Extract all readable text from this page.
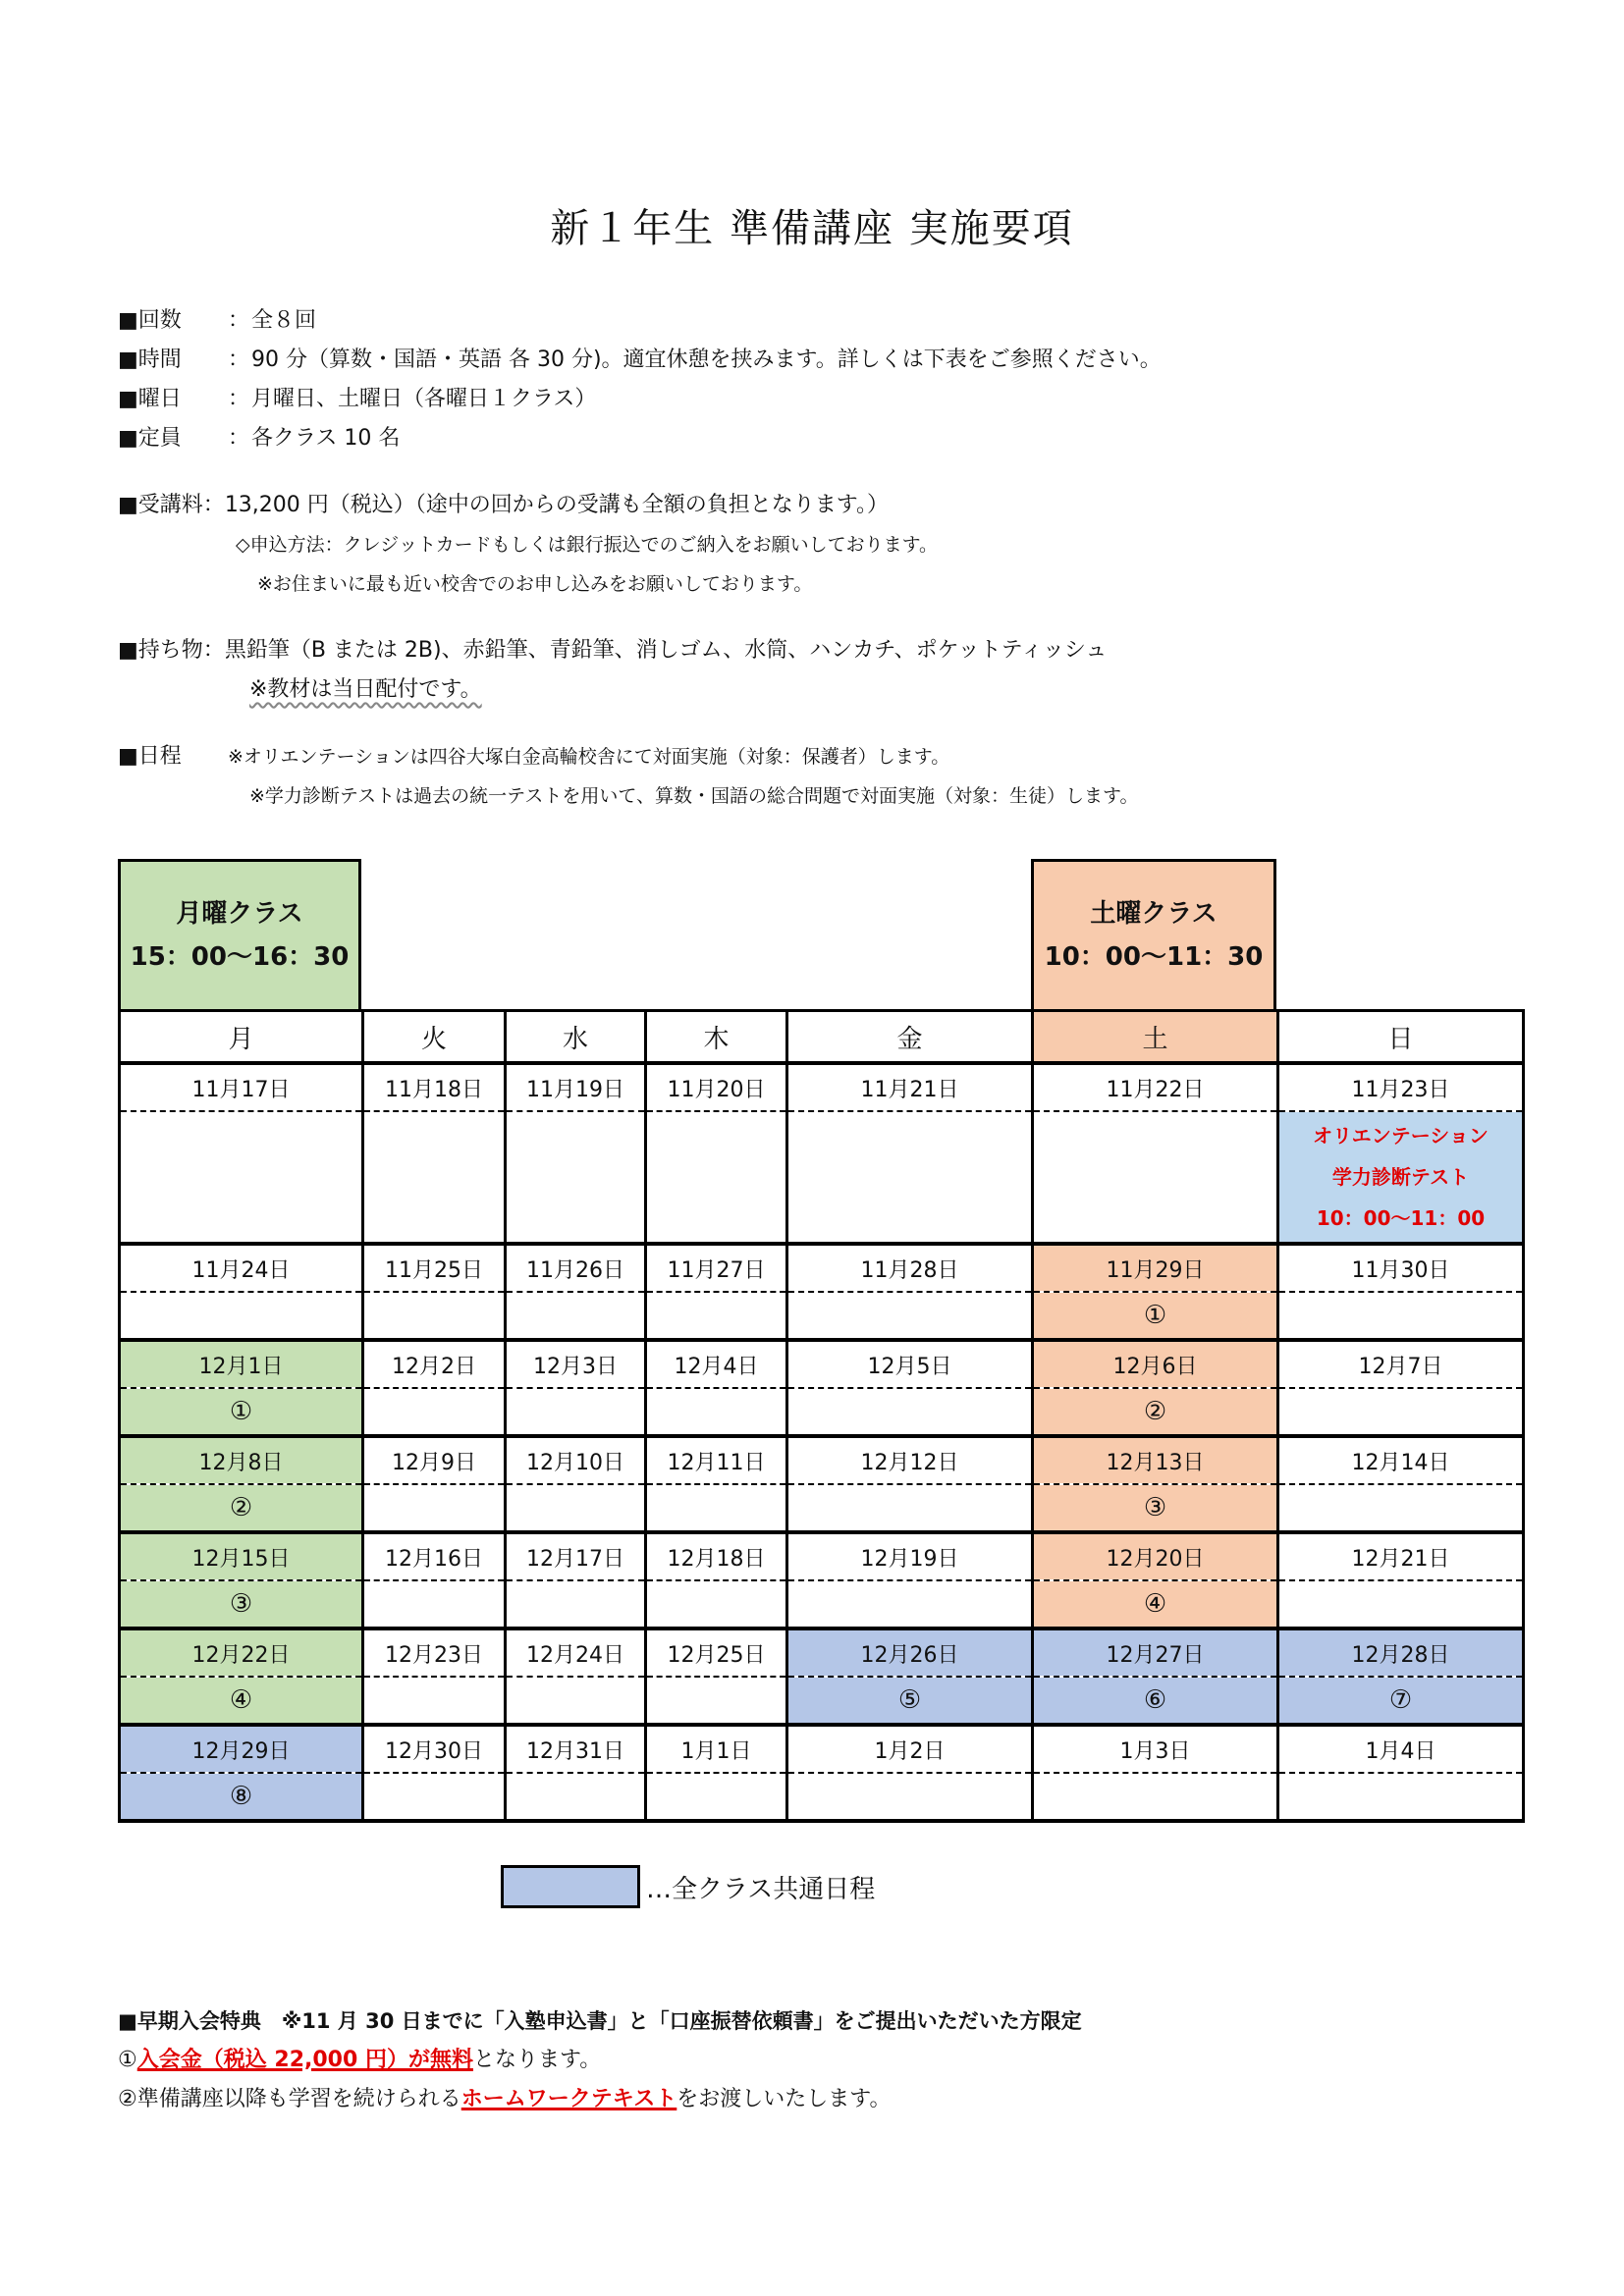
新１年生 準備講座 実施要項
■回数 ：全８回
■時間 ：90 分（算数・国語・英語 各 30 分)。適宜休憩を挟みます。詳しくは下表をご参照ください。
■曜日 ：月曜日、土曜日（各曜日１クラス）
■定員 ：各クラス 10 名
■受講料：13,200 円（税込）（途中の回からの受講も全額の負担となります。）
◇申込方法：クレジットカードもしくは銀行振込でのご納入をお願いしております。
※お住まいに最も近い校舎でのお申し込みをお願いしております。
■持ち物：黒鉛筆（B または 2B)、赤鉛筆、青鉛筆、消しゴム、水筒、ハンカチ、ポケットティッシュ
※教材は当日配付です。
■日程 ※オリエンテーションは四谷大塚白金高輪校舎にて対面実施（対象：保護者）します。
※学力診断テストは過去の統一テストを用いて、算数・国語の総合問題で対面実施（対象：生徒）します。
月曜クラス
15：00〜16：30
土曜クラス
10：00〜11：30
月	火	水	木	金	土	日
11月17日	11月18日	11月19日	11月20日	11月21日	11月22日	11月23日

						オリエンテーション
学力診断テスト
10：00〜11：00

11月24日	11月25日	11月26日	11月27日	11月28日	11月29日	11月30日
					①	
12月1日	12月2日	12月3日	12月4日	12月5日	12月6日	12月7日
①					②	
12月8日	12月9日	12月10日	12月11日	12月12日	12月13日	12月14日
②					③	
12月15日	12月16日	12月17日	12月18日	12月19日	12月20日	12月21日
③					④	
12月22日	12月23日	12月24日	12月25日	12月26日	12月27日	12月28日
④				⑤	⑥	⑦
12月29日	12月30日	12月31日	1月1日	1月2日	1月3日	1月4日
⑧						
…全クラス共通日程
■早期入会特典　※11 月 30 日までに「入塾申込書」と「口座振替依頼書」をご提出いただいた方限定
①入会金（税込 22,000 円）が無料となります。
②準備講座以降も学習を続けられるホームワークテキストをお渡しいたします。
